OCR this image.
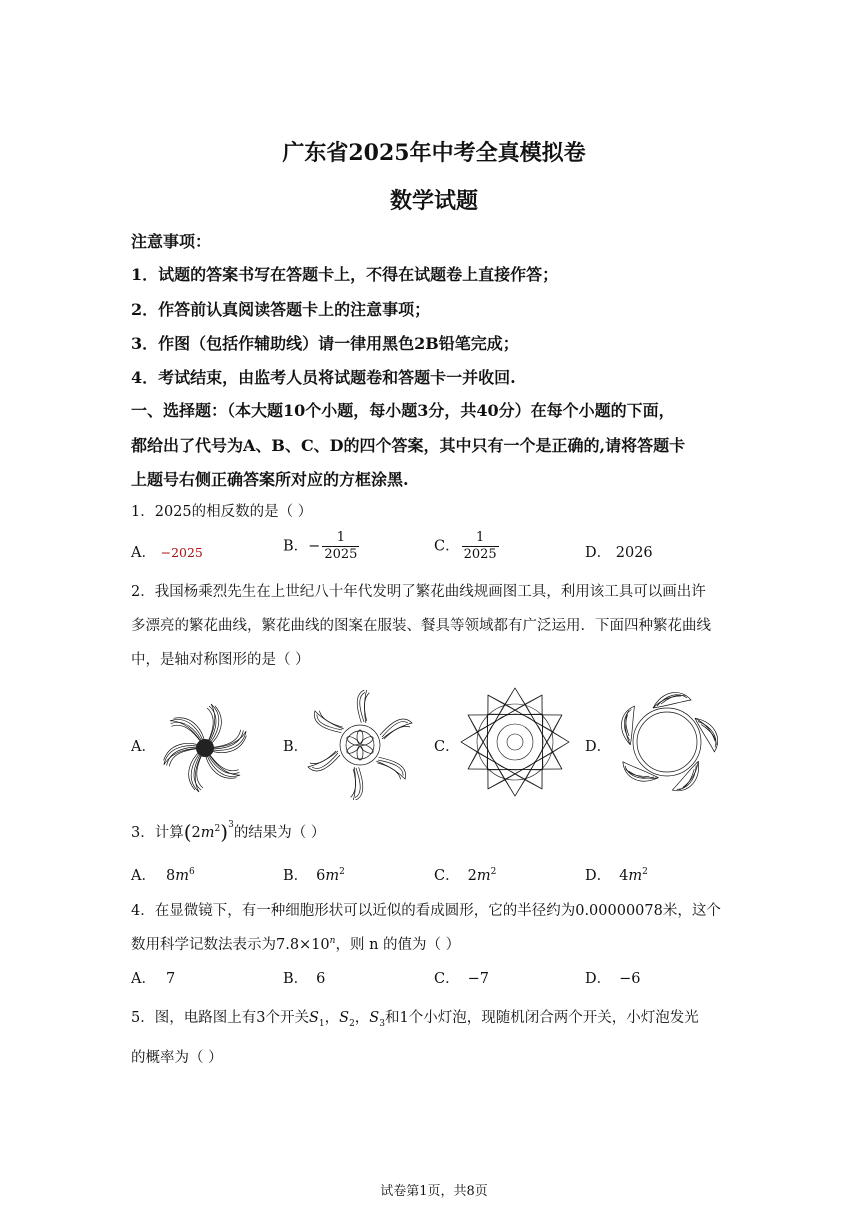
广东省2025年中考全真模拟卷
数学试题
注意事项：
1．试题的答案书写在答题卡上，不得在试题卷上直接作答；
2．作答前认真阅读答题卡上的注意事项；
3．作图（包括作辅助线）请一律用黑色2B铅笔完成；
4．考试结束，由监考人员将试题卷和答题卡一并收回.
一、选择题：（本大题10个小题，每小题3分，共40分）在每个小题的下面，
都给出了代号为A、B、C、D的四个答案，其中只有一个是正确的,请将答题卡
上题号右侧正确答案所对应的方框涂黑.
1．2025的相反数的是（ ）
A． −2025	B．− $\frac{1}{2025}$	C． $\frac{1}{2025}$	D． 2026
2．我国杨乘烈先生在上世纪八十年代发明了繁花曲线规画图工具，利用该工具可以画出许
多漂亮的繁花曲线，繁花曲线的图案在服装、餐具等领域都有广泛运用．下面四种繁花曲线
中，是轴对称图形的是（ ）
A．	B．	C．	D．
3．计算$(2m^2)^3$的结果为（ ）
A． $8m^6$	B． $6m^2$	C． $2m^2$	D． $4m^2$
4．在显微镜下，有一种细胞形状可以近似的看成圆形，它的半径约为0.00000078米，这个
数用科学记数法表示为$7.8\times 10^n$，则 n 的值为（ ）
A． 7	B． 6	C． −7	D． −6
5．图，电路图上有3个开关$S_1$，$S_2$，$S_3$和1个小灯泡，现随机闭合两个开关，小灯泡发光
的概率为（ ）
试卷第1页，共8页
